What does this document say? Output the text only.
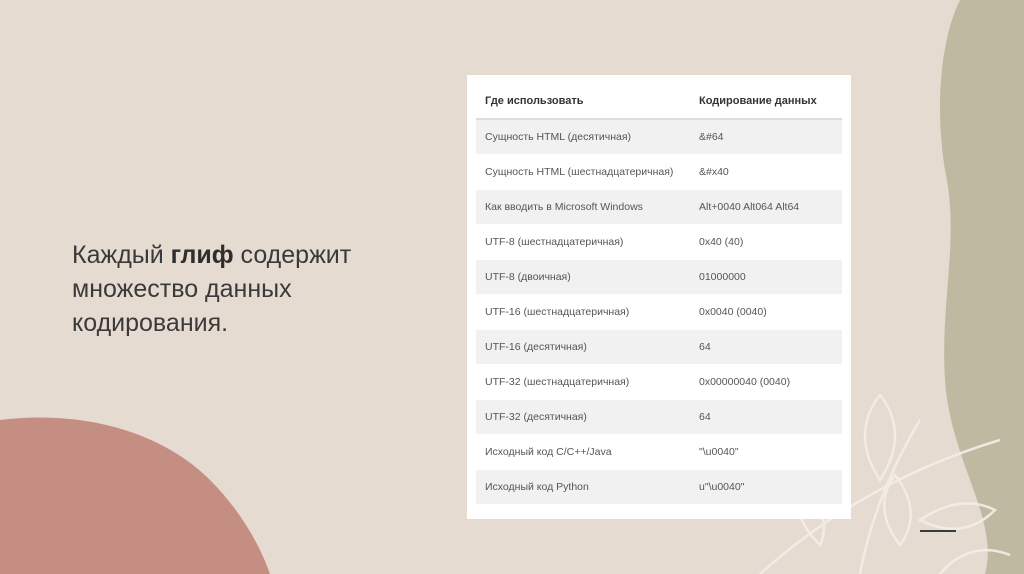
Каждый глиф содержит множество данных кодирования.
Где использовать	Кодирование данных
Сущность HTML (десятичная)	&#64
Сущность HTML (шестнадцатеричная)	&#x40
Как вводить в Microsoft Windows	Alt+0040 Alt064 Alt64
UTF-8 (шестнадцатеричная)	0x40 (40)
UTF-8 (двоичная)	01000000
UTF-16 (шестнадцатеричная)	0x0040 (0040)
UTF-16 (десятичная)	64
UTF-32 (шестнадцатеричная)	0x00000040 (0040)
UTF-32 (десятичная)	64
Исходный код C/C++/Java	"\u0040"
Исходный код Python	u"\u0040"
